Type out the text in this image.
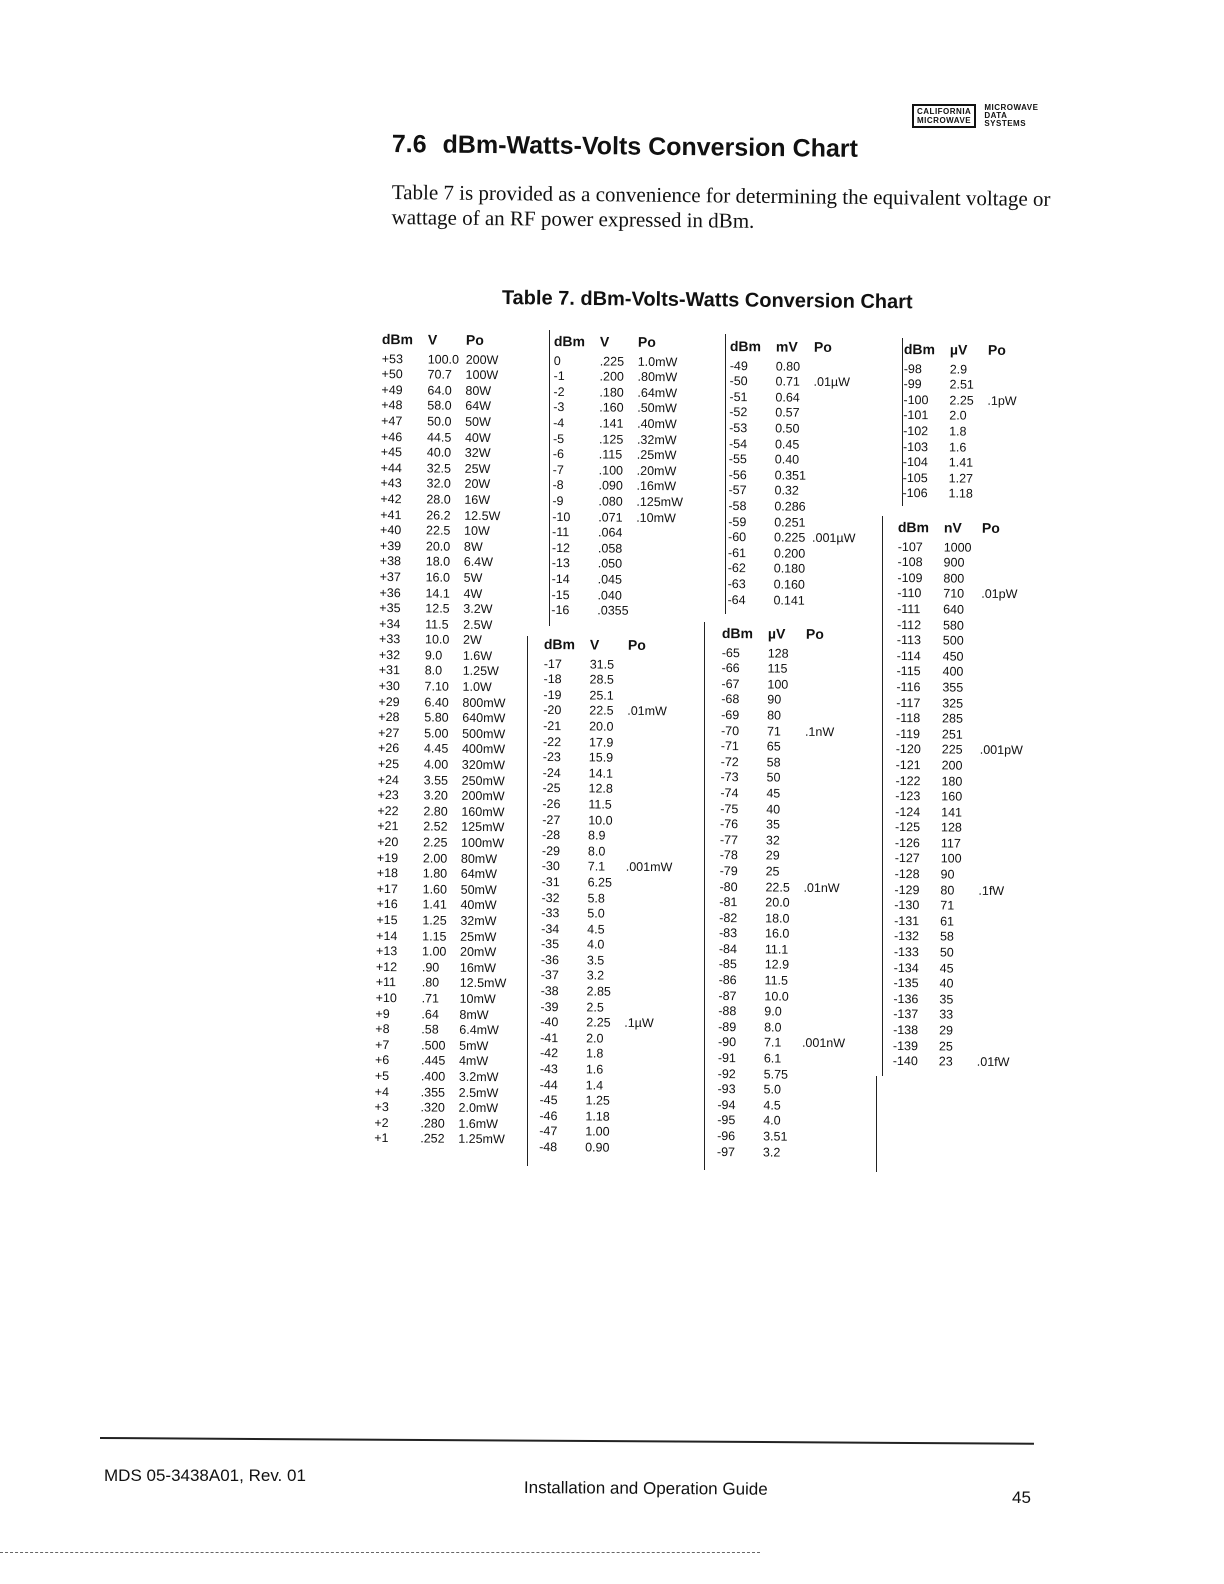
CALIFORNIA
MICROWAVE
MICROWAVE
DATA
SYSTEMS
7.6 dBm-Watts-Volts Conversion Chart

Table 7 is provided as a convenience for determining the equivalent voltage or wattage of an RF power expressed in dBm.

Table 7. dBm-Volts-Watts Conversion Chart
dBm	V	Po
+53	100.0	200W
+50	70.7	100W
+49	64.0	80W
+48	58.0	64W
+47	50.0	50W
+46	44.5	40W
+45	40.0	32W
+44	32.5	25W
+43	32.0	20W
+42	28.0	16W
+41	26.2	12.5W
+40	22.5	10W
+39	20.0	8W
+38	18.0	6.4W
+37	16.0	5W
+36	14.1	4W
+35	12.5	3.2W
+34	11.5	2.5W
+33	10.0	2W
+32	9.0	1.6W
+31	8.0	1.25W
+30	7.10	1.0W
+29	6.40	800mW
+28	5.80	640mW
+27	5.00	500mW
+26	4.45	400mW
+25	4.00	320mW
+24	3.55	250mW
+23	3.20	200mW
+22	2.80	160mW
+21	2.52	125mW
+20	2.25	100mW
+19	2.00	80mW
+18	1.80	64mW
+17	1.60	50mW
+16	1.41	40mW
+15	1.25	32mW
+14	1.15	25mW
+13	1.00	20mW
+12	.90	16mW
+11	.80	12.5mW
+10	.71	10mW
+9	.64	8mW
+8	.58	6.4mW
+7	.500	5mW
+6	.445	4mW
+5	.400	3.2mW
+4	.355	2.5mW
+3	.320	2.0mW
+2	.280	1.6mW
+1	.252	1.25mW
dBm	V	Po
0	.225	1.0mW
-1	.200	.80mW
-2	.180	.64mW
-3	.160	.50mW
-4	.141	.40mW
-5	.125	.32mW
-6	.115	.25mW
-7	.100	.20mW
-8	.090	.16mW
-9	.080	.125mW
-10	.071	.10mW
-11	.064	
-12	.058	
-13	.050	
-14	.045	
-15	.040	
-16	.0355	
dBm	V	Po
-17	31.5	
-18	28.5	
-19	25.1	
-20	22.5	.01mW
-21	20.0	
-22	17.9	
-23	15.9	
-24	14.1	
-25	12.8	
-26	11.5	
-27	10.0	
-28	8.9	
-29	8.0	
-30	7.1	.001mW
-31	6.25	
-32	5.8	
-33	5.0	
-34	4.5	
-35	4.0	
-36	3.5	
-37	3.2	
-38	2.85	
-39	2.5	
-40	2.25	.1µW
-41	2.0	
-42	1.8	
-43	1.6	
-44	1.4	
-45	1.25	
-46	1.18	
-47	1.00	
-48	0.90	
dBm	mV	Po
-49	0.80	
-50	0.71	.01µW
-51	0.64	
-52	0.57	
-53	0.50	
-54	0.45	
-55	0.40	
-56	0.351	
-57	0.32	
-58	0.286	
-59	0.251	
-60	0.225	.001µW
-61	0.200	
-62	0.180	
-63	0.160	
-64	0.141	
dBm	µV	Po
-65	128	
-66	115	
-67	100	
-68	90	
-69	80	
-70	71	.1nW
-71	65	
-72	58	
-73	50	
-74	45	
-75	40	
-76	35	
-77	32	
-78	29	
-79	25	
-80	22.5	.01nW
-81	20.0	
-82	18.0	
-83	16.0	
-84	11.1	
-85	12.9	
-86	11.5	
-87	10.0	
-88	9.0	
-89	8.0	
-90	7.1	.001nW
-91	6.1	
-92	5.75	
-93	5.0	
-94	4.5	
-95	4.0	
-96	3.51	
-97	3.2	
dBm	µV	Po
-98	2.9	
-99	2.51	
-100	2.25	.1pW
-101	2.0	
-102	1.8	
-103	1.6	
-104	1.41	
-105	1.27	
-106	1.18	
dBm	nV	Po
-107	1000	
-108	900	
-109	800	
-110	710	.01pW
-111	640	
-112	580	
-113	500	
-114	450	
-115	400	
-116	355	
-117	325	
-118	285	
-119	251	
-120	225	.001pW
-121	200	
-122	180	
-123	160	
-124	141	
-125	128	
-126	117	
-127	100	
-128	90	
-129	80	.1fW
-130	71	
-131	61	
-132	58	
-133	50	
-134	45	
-135	40	
-136	35	
-137	33	
-138	29	
-139	25	
-140	23	.01fW
MDS 05-3438A01, Rev. 01
Installation and Operation Guide	45
